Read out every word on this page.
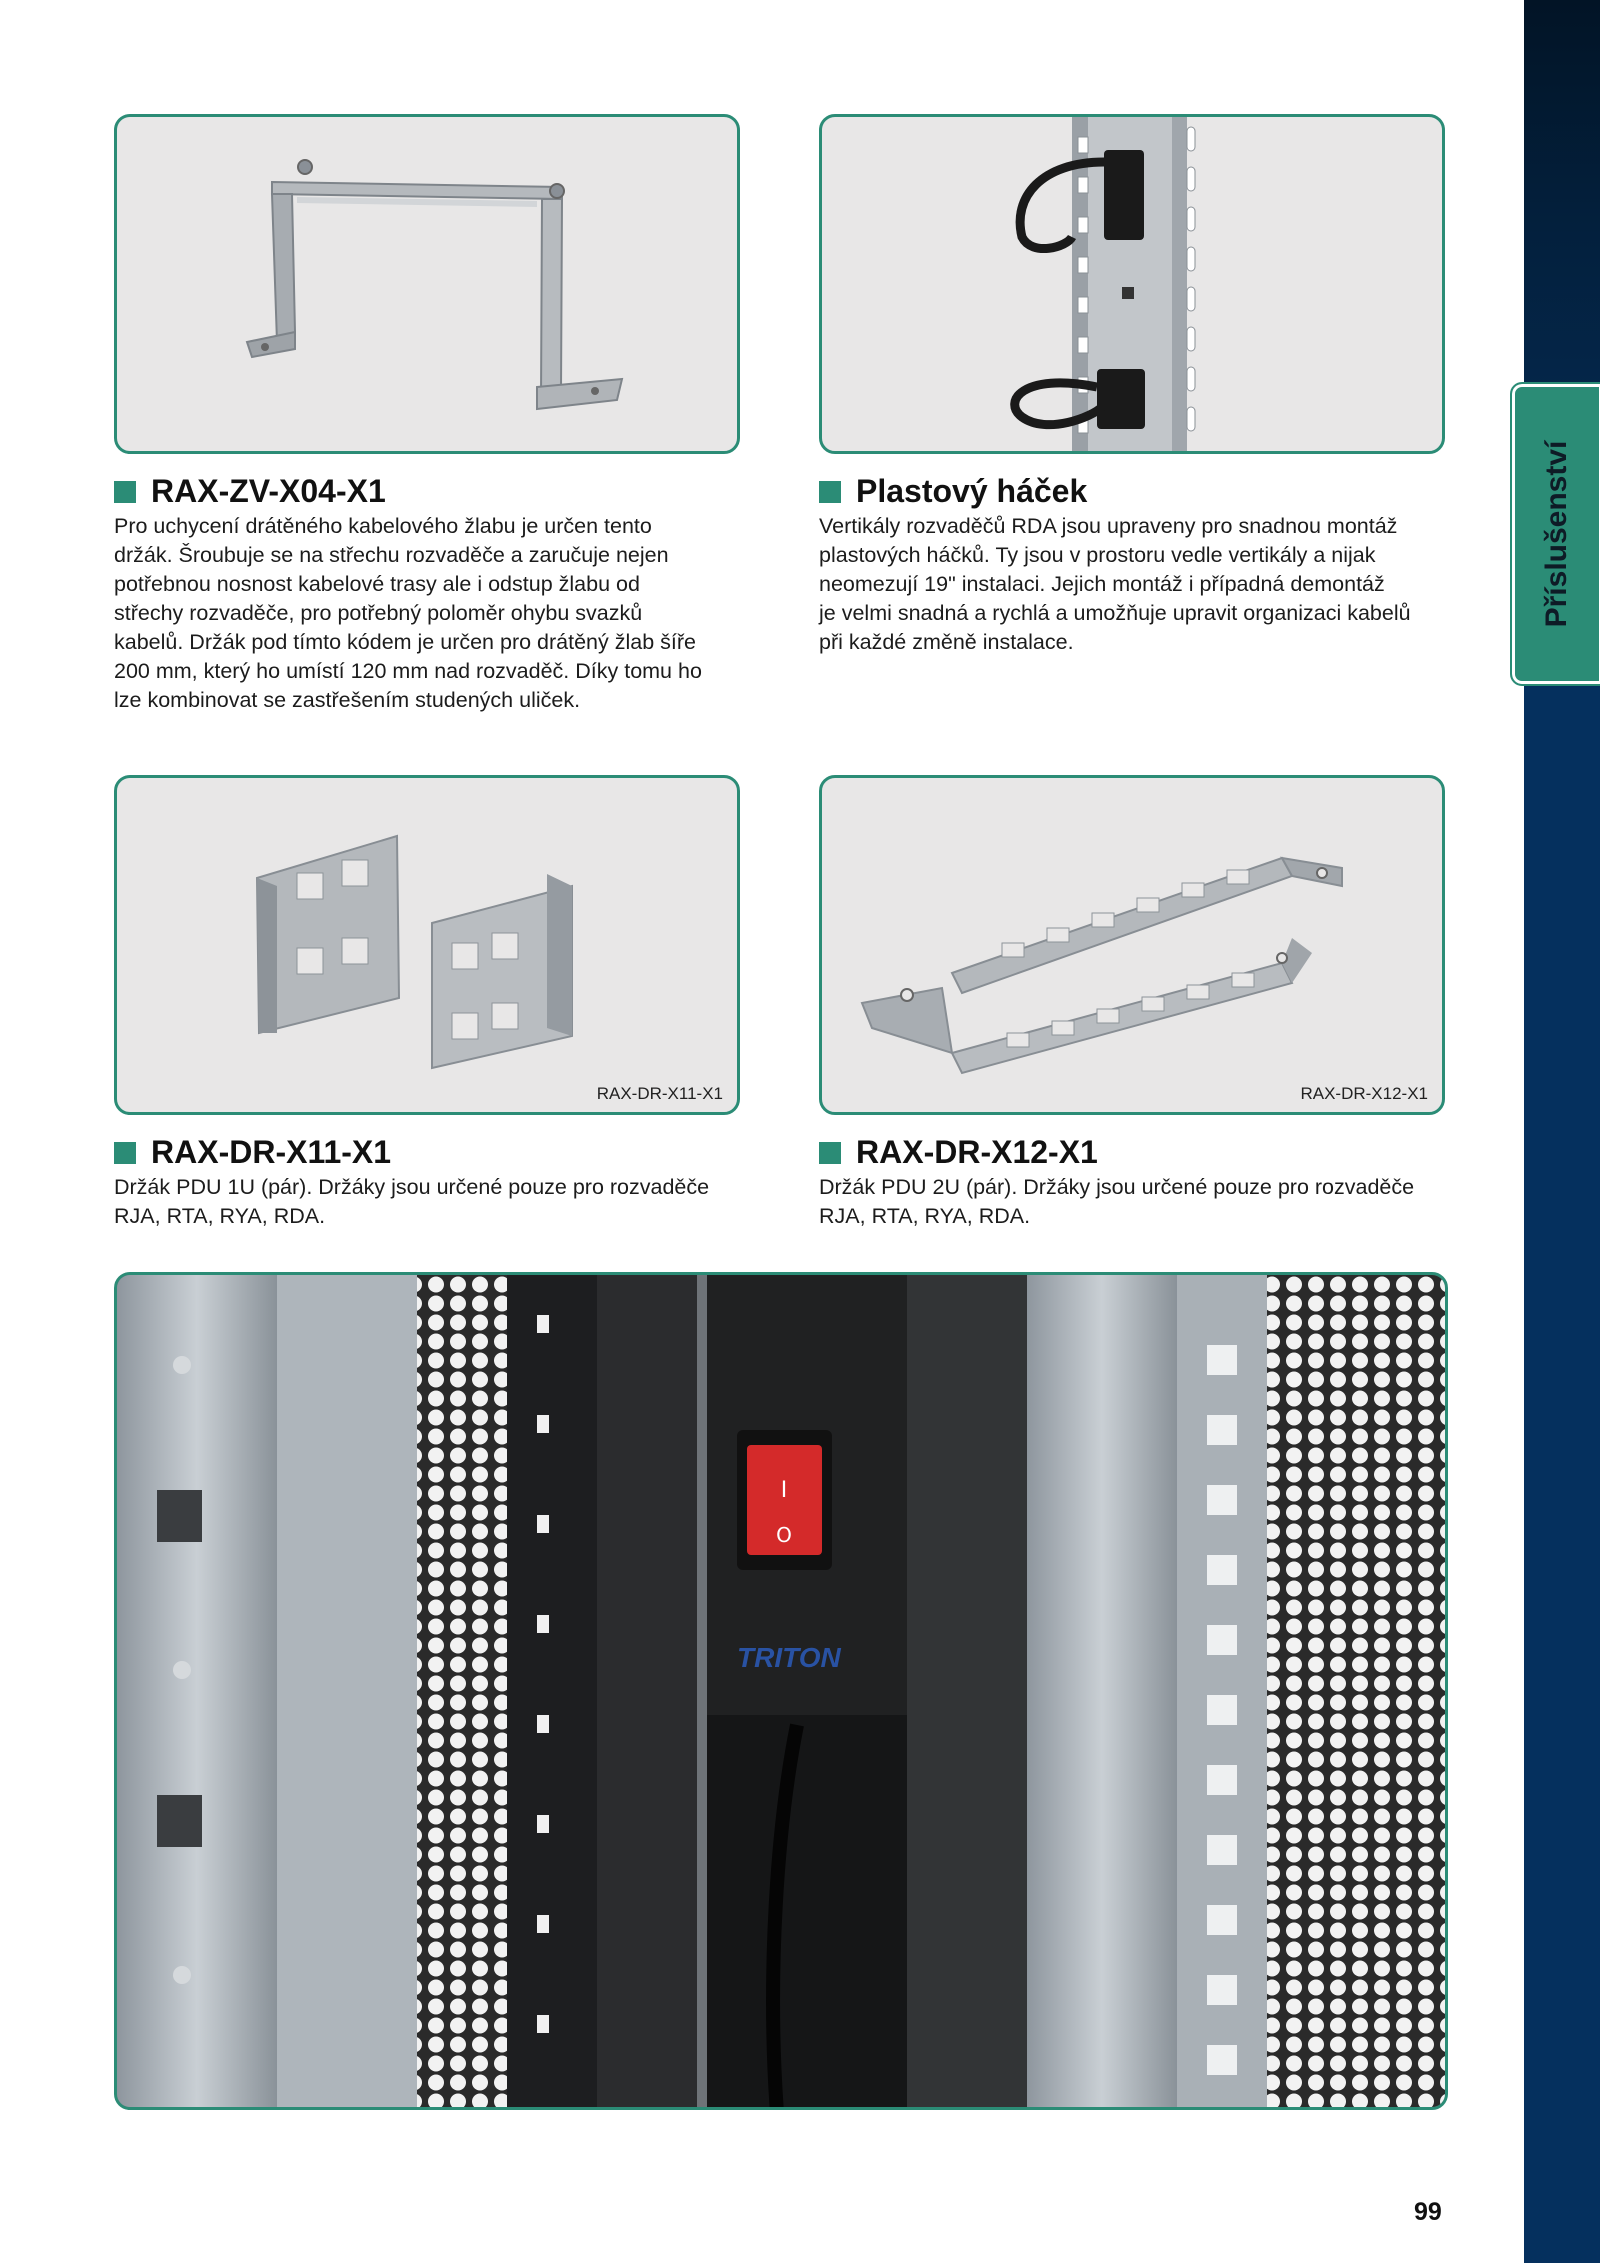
Příslušenství
RAX-ZV-X04-X1
Pro uchycení drátěného kabelového žlabu je určen tento
držák. Šroubuje se na střechu rozvaděče a zaručuje nejen
potřebnou nosnost kabelové trasy ale i odstup žlabu od
střechy rozvaděče, pro potřebný poloměr ohybu svazků
kabelů. Držák pod tímto kódem je určen pro drátěný žlab šíře
200 mm, který ho umístí 120 mm nad rozvaděč. Díky tomu ho
lze kombinovat se zastřešením studených uliček.
Plastový háček
Vertikály rozvaděčů RDA jsou upraveny pro snadnou montáž
plastových háčků. Ty jsou v prostoru vedle vertikály a nijak
neomezují 19" instalaci. Jejich montáž i případná demontáž
je velmi snadná a rychlá a umožňuje upravit organizaci kabelů
při každé změně instalace.
RAX-DR-X11-X1
RAX-DR-X11-X1
Držák PDU 1U (pár). Držáky jsou určené pouze pro rozvaděče
RJA, RTA, RYA, RDA.
RAX-DR-X12-X1
RAX-DR-X12-X1
Držák PDU 2U (pár). Držáky jsou určené pouze pro rozvaděče
RJA, RTA, RYA, RDA.
I
O
TRITON
99
